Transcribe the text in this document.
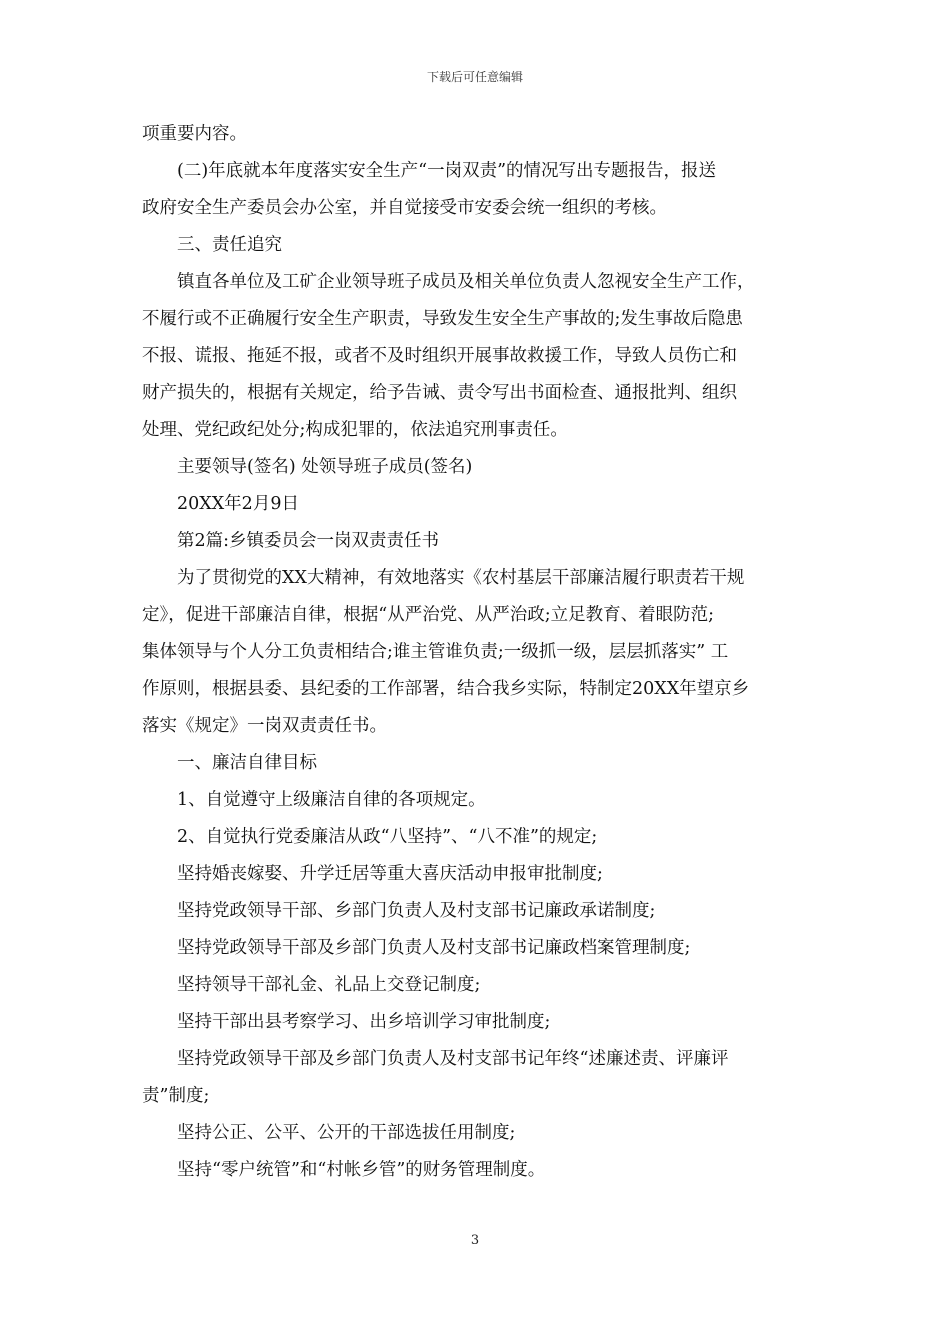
下载后可任意编辑

项重要内容。

(二)年底就本年度落实安全生产“一岗双责”的情况写出专题报告，报送

政府安全生产委员会办公室，并自觉接受市安委会统一组织的考核。

三、责任追究

镇直各单位及工矿企业领导班子成员及相关单位负责人忽视安全生产工作，

不履行或不正确履行安全生产职责，导致发生安全生产事故的;发生事故后隐患

不报、谎报、拖延不报，或者不及时组织开展事故救援工作，导致人员伤亡和

财产损失的，根据有关规定，给予告诫、责令写出书面检查、通报批判、组织

处理、党纪政纪处分;构成犯罪的，依法追究刑事责任。

主要领导(签名) 处领导班子成员(签名)

20XX年2月9日

第2篇:乡镇委员会一岗双责责任书

为了贯彻党的XX大精神，有效地落实《农村基层干部廉洁履行职责若干规

定》，促进干部廉洁自律，根据“从严治党、从严治政;立足教育、着眼防范;

集体领导与个人分工负责相结合;谁主管谁负责;一级抓一级，层层抓落实” 工

作原则，根据县委、县纪委的工作部署，结合我乡实际，特制定20XX年望京乡

落实《规定》一岗双责责任书。

一、廉洁自律目标

1、自觉遵守上级廉洁自律的各项规定。

2、自觉执行党委廉洁从政“八坚持”、“八不准”的规定;

坚持婚丧嫁娶、升学迁居等重大喜庆活动申报审批制度;

坚持党政领导干部、乡部门负责人及村支部书记廉政承诺制度;

坚持党政领导干部及乡部门负责人及村支部书记廉政档案管理制度;

坚持领导干部礼金、礼品上交登记制度;

坚持干部出县考察学习、出乡培训学习审批制度;

坚持党政领导干部及乡部门负责人及村支部书记年终“述廉述责、评廉评

责”制度;

坚持公正、公平、公开的干部选拔任用制度;

坚持“零户统管”和“村帐乡管”的财务管理制度。

3
